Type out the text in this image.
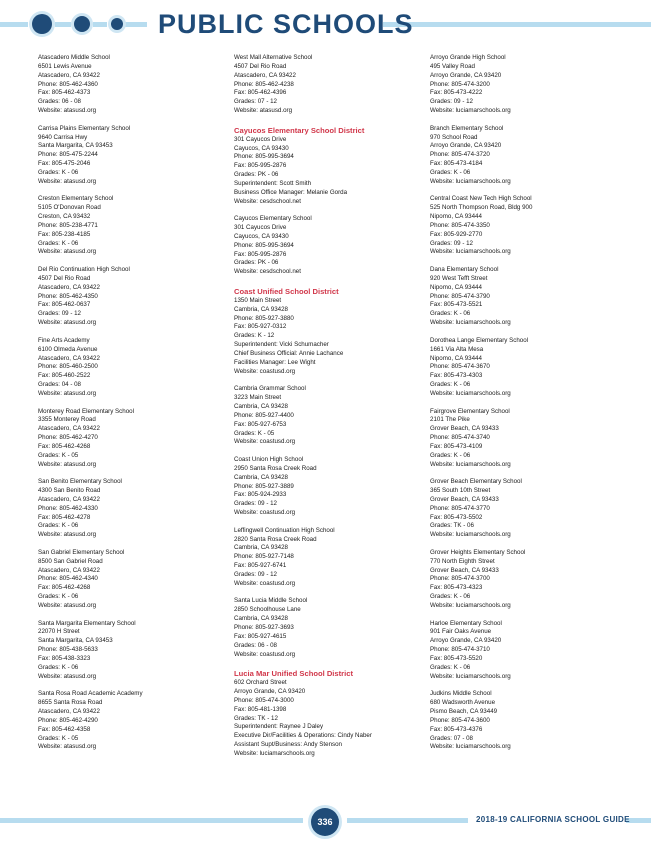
PUBLIC SCHOOLS
Atascadero Middle School
6501 Lewis Avenue
Atascadero, CA 93422
Phone: 805-462-4360
Fax: 805-462-4373
Grades: 06 - 08
Website: atasusd.org
Carrisa Plains Elementary School
9640 Carrisa Hwy
Santa Margarita, CA 93453
Phone: 805-475-2244
Fax: 805-475-2046
Grades: K - 06
Website: atasusd.org
Creston Elementary School
5105 O'Donovan Road
Creston, CA 93432
Phone: 805-238-4771
Fax: 805-238-4185
Grades: K - 06
Website: atasusd.org
Del Rio Continuation High School
4507 Del Rio Road
Atascadero, CA 93422
Phone: 805-462-4350
Fax: 805-462-0637
Grades: 09 - 12
Website: atasusd.org
Fine Arts Academy
6100 Olmeda Avenue
Atascadero, CA 93422
Phone: 805-460-2500
Fax: 805-460-2522
Grades: 04 - 08
Website: atasusd.org
Monterey Road Elementary School
3355 Monterey Road
Atascadero, CA 93422
Phone: 805-462-4270
Fax: 805-462-4268
Grades: K - 05
Website: atasusd.org
San Benito Elementary School
4300 San Benito Road
Atascadero, CA 93422
Phone: 805-462-4330
Fax: 805-462-4278
Grades: K - 06
Website: atasusd.org
San Gabriel Elementary School
8500 San Gabriel Road
Atascadero, CA 93422
Phone: 805-462-4340
Fax: 805-462-4268
Grades: K - 06
Website: atasusd.org
Santa Margarita Elementary School
22070 H Street
Santa Margarita, CA 93453
Phone: 805-438-5633
Fax: 805-438-3323
Grades: K - 06
Website: atasusd.org
Santa Rosa Road Academic Academy
8655 Santa Rosa Road
Atascadero, CA 93422
Phone: 805-462-4290
Fax: 805-462-4358
Grades: K - 05
Website: atasusd.org
West Mall Alternative School
4507 Del Rio Road
Atascadero, CA 93422
Phone: 805-462-4238
Fax: 805-462-4396
Grades: 07 - 12
Website: atasusd.org
Cayucos Elementary School District
301 Cayucos Drive
Cayucos, CA 93430
Phone: 805-995-3694
Fax: 805-995-2876
Grades: PK - 06
Superintendent: Scott Smith
Business Office Manager: Melanie Gorda
Website: cesdschool.net
Cayucos Elementary School
301 Cayucos Drive
Cayucos, CA 93430
Phone: 805-995-3694
Fax: 805-995-2876
Grades: PK - 06
Website: cesdschool.net
Coast Unified School District
1350 Main Street
Cambria, CA 93428
Phone: 805-927-3880
Fax: 805-927-0312
Grades: K - 12
Superintendent: Vicki Schumacher
Chief Business Official: Annie Lachance
Facilities Manager: Lee Wight
Website: coastusd.org
Cambria Grammar School
3223 Main Street
Cambria, CA 93428
Phone: 805-927-4400
Fax: 805-927-6753
Grades: K - 05
Website: coastusd.org
Coast Union High School
2950 Santa Rosa Creek Road
Cambria, CA 93428
Phone: 805-927-3889
Fax: 805-924-2933
Grades: 09 - 12
Website: coastusd.org
Leffingwell Continuation High School
2820 Santa Rosa Creek Road
Cambria, CA 93428
Phone: 805-927-7148
Fax: 805-927-6741
Grades: 09 - 12
Website: coastusd.org
Santa Lucia Middle School
2850 Schoolhouse Lane
Cambria, CA 93428
Phone: 805-927-3693
Fax: 805-927-4615
Grades: 06 - 08
Website: coastusd.org
Lucia Mar Unified School District
602 Orchard Street
Arroyo Grande, CA 93420
Phone: 805-474-3000
Fax: 805-481-1398
Grades: TK - 12
Superintendent: Raynee J Daley
Executive Dir/Facilities & Operations: Cindy Naber
Assistant Supt/Business: Andy Stenson
Website: luciamarschools.org
Arroyo Grande High School
495 Valley Road
Arroyo Grande, CA 93420
Phone: 805-474-3200
Fax: 805-473-4222
Grades: 09 - 12
Website: luciamarschools.org
Branch Elementary School
970 School Road
Arroyo Grande, CA 93420
Phone: 805-474-3720
Fax: 805-473-4184
Grades: K - 06
Website: luciamarschools.org
Central Coast New Tech High School
525 North Thompson Road, Bldg 900
Nipomo, CA 93444
Phone: 805-474-3350
Fax: 805-929-2770
Grades: 09 - 12
Website: luciamarschools.org
Dana Elementary School
920 West Tefft Street
Nipomo, CA 93444
Phone: 805-474-3790
Fax: 805-473-5521
Grades: K - 06
Website: luciamarschools.org
Dorothea Lange Elementary School
1661 Via Alta Mesa
Nipomo, CA 93444
Phone: 805-474-3670
Fax: 805-473-4303
Grades: K - 06
Website: luciamarschools.org
Fairgrove Elementary School
2101 The Pike
Grover Beach, CA 93433
Phone: 805-474-3740
Fax: 805-473-4109
Grades: K - 06
Website: luciamarschools.org
Grover Beach Elementary School
365 South 10th Street
Grover Beach, CA 93433
Phone: 805-474-3770
Fax: 805-473-5502
Grades: TK - 06
Website: luciamarschools.org
Grover Heights Elementary School
770 North Eighth Street
Grover Beach, CA 93433
Phone: 805-474-3700
Fax: 805-473-4323
Grades: K - 06
Website: luciamarschools.org
Harloe Elementary School
901 Fair Oaks Avenue
Arroyo Grande, CA 93420
Phone: 805-474-3710
Fax: 805-473-5520
Grades: K - 06
Website: luciamarschools.org
Judkins Middle School
680 Wadsworth Avenue
Pismo Beach, CA 93449
Phone: 805-474-3600
Fax: 805-473-4376
Grades: 07 - 08
Website: luciamarschools.org
336	2018-19 CALIFORNIA SCHOOL GUIDE
